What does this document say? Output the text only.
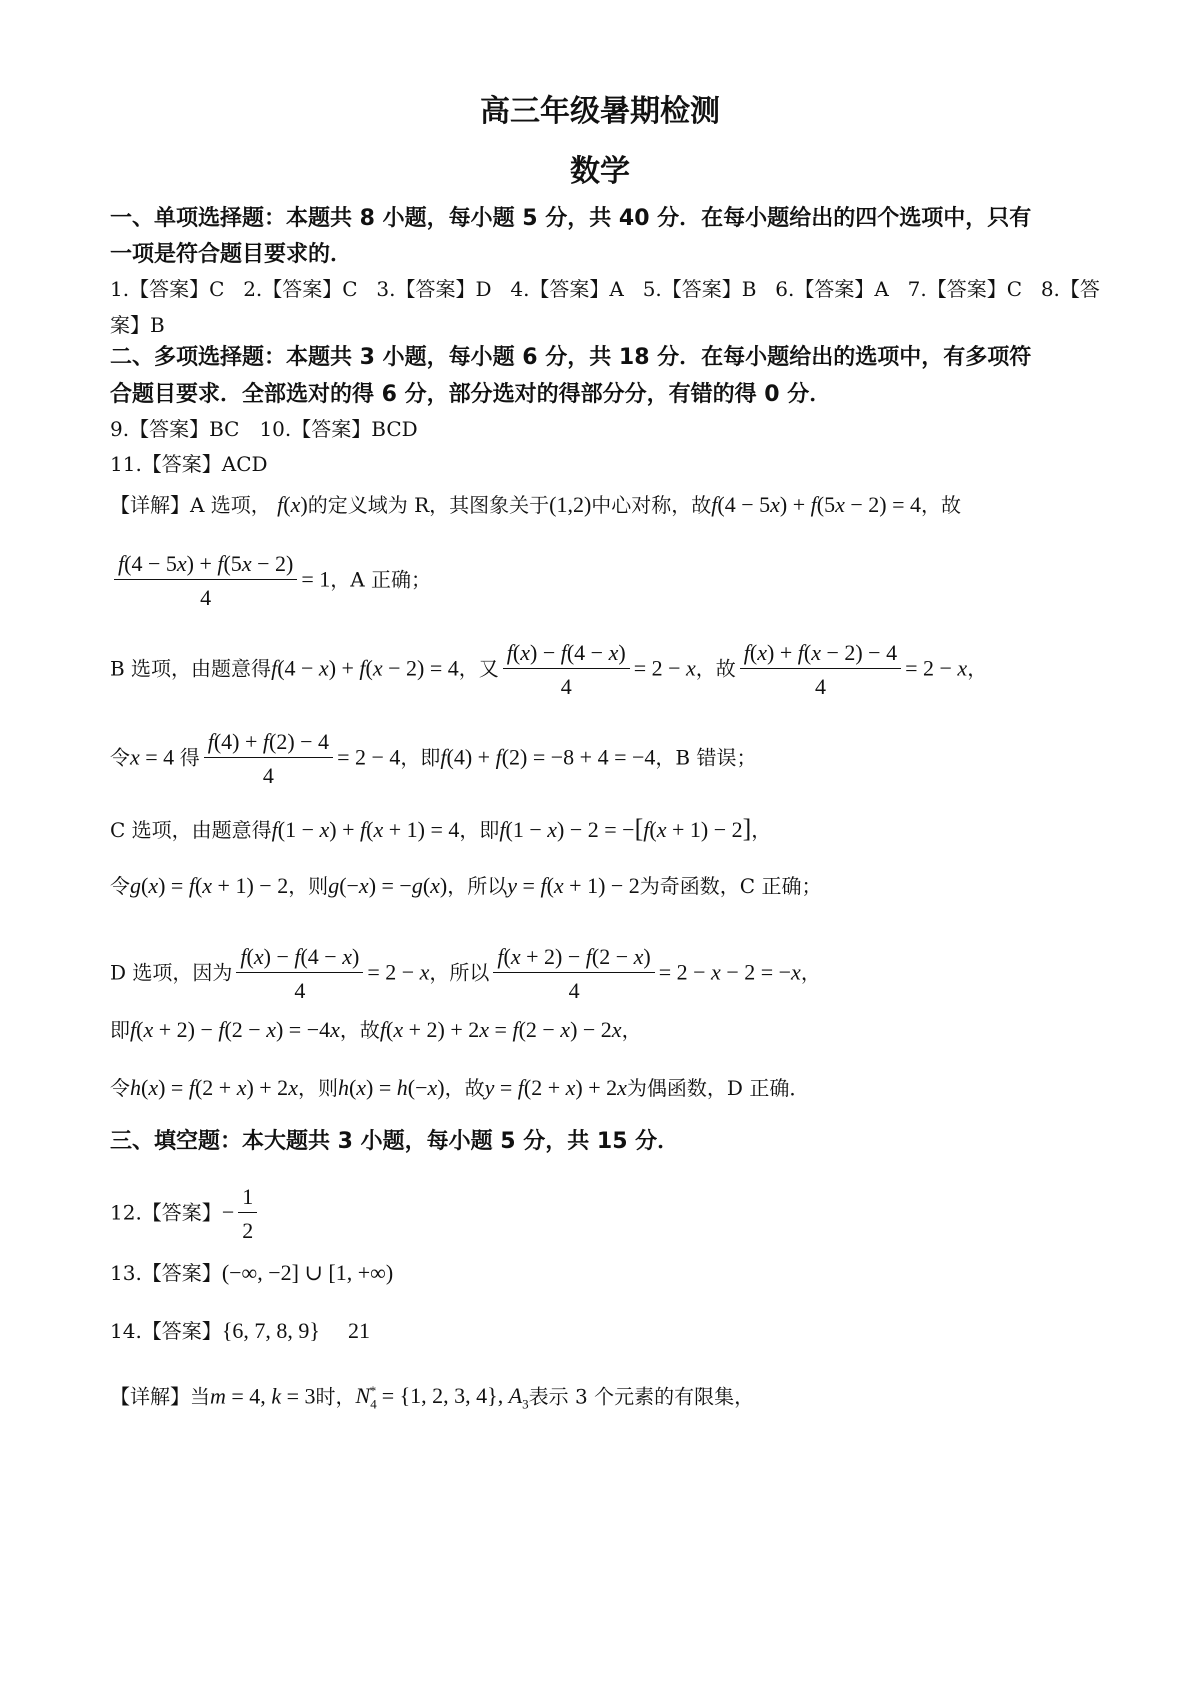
高三年级暑期检测
数学
一、单项选择题：本题共 8 小题，每小题 5 分，共 40 分．在每小题给出的四个选项中，只有
一项是符合题目要求的．
1.【答案】C 2.【答案】C 3.【答案】D 4.【答案】A 5.【答案】B 6.【答案】A 7.【答案】C 8.【答
案】B
二、多项选择题：本题共 3 小题，每小题 6 分，共 18 分．在每小题给出的选项中，有多项符
合题目要求．全部选对的得 6 分，部分选对的得部分分，有错的得 0 分．
9.【答案】BC　10.【答案】BCD
11.【答案】ACD
【详解】A 选项， f(x)的定义域为 R，其图象关于(1,2)中心对称，故f(4 − 5x) + f(5x − 2) = 4，故
$\frac{f(4 - 5x) + f(5x - 2)}{4} = 1$，A 正确；
B 选项，由题意得f(4 − x) + f(x − 2) = 4，又 $\frac{f(x) - f(4 - x)}{4} = 2 - x$，故 $\frac{f(x) + f(x - 2) - 4}{4} = 2 - x$，
令x = 4 得 $\frac{f(4) + f(2) - 4}{4} = 2 - 4$，即f(4) + f(2) = −8 + 4 = −4，B 错误；
C 选项，由题意得f(1 − x) + f(x + 1) = 4，即f(1 − x) − 2 = −[f(x + 1) − 2]，
令g(x) = f(x + 1) − 2，则g(−x) = −g(x)，所以y = f(x + 1) − 2为奇函数，C 正确；
D 选项，因为 $\frac{f(x) - f(4 - x)}{4} = 2 - x$，所以 $\frac{f(x + 2) - f(2 - x)}{4} = 2 - x - 2 = -x$，
即f(x + 2) − f(2 − x) = −4x，故f(x + 2) + 2x = f(2 − x) − 2x，
令h(x) = f(2 + x) + 2x，则h(x) = h(−x)，故y = f(2 + x) + 2x为偶函数，D 正确．
三、填空题：本大题共 3 小题，每小题 5 分，共 15 分．
12.【答案】− $\frac{1}{2}$
13.【答案】(−∞, −2] ∪ [1, +∞)
14.【答案】{6, 7, 8, 9} 21
【详解】当m = 4, k = 3时，$N_4^* = \{1$, 2, 3, 4}, $A_3$表示 3 个元素的有限集，
